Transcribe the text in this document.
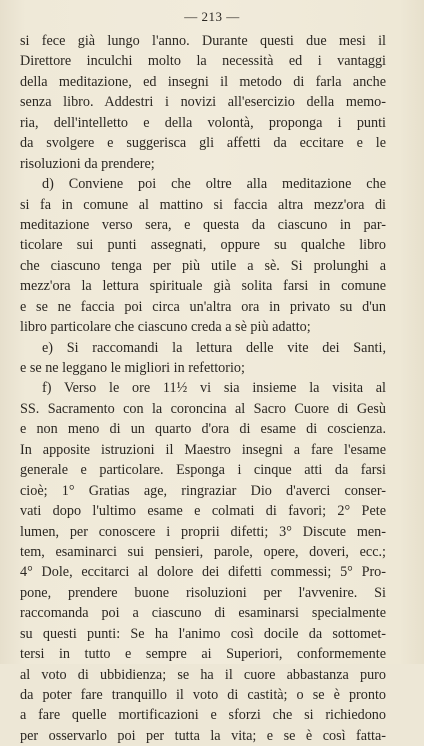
— 213 —
si fece già lungo l'anno. Durante questi due mesi il
Direttore inculchi molto la necessità ed i vantaggi
della meditazione, ed insegni il metodo di farla anche
senza libro. Addestri i novizi all'esercizio della memo-
ria, dell'intelletto e della volontà, proponga i punti
da svolgere e suggerisca gli affetti da eccitare e le
risoluzioni da prendere;
d) Conviene poi che oltre alla meditazione che
si fa in comune al mattino si faccia altra mezz'ora di
meditazione verso sera, e questa da ciascuno in par-
ticolare sui punti assegnati, oppure su qualche libro
che ciascuno tenga per più utile a sè. Si prolunghi a
mezz'ora la lettura spirituale già solita farsi in comune
e se ne faccia poi circa un'altra ora in privato su d'un
libro particolare che ciascuno creda a sè più adatto;
e) Si raccomandi la lettura delle vite dei Santi,
e se ne leggano le migliori in refettorio;
f) Verso le ore 11½ vi sia insieme la visita al
SS. Sacramento con la coroncina al Sacro Cuore di Gesù
e non meno di un quarto d'ora di esame di coscienza.
In apposite istruzioni il Maestro insegni a fare l'esame
generale e particolare. Esponga i cinque atti da farsi
cioè; 1° Gratias age, ringraziar Dio d'averci conser-
vati dopo l'ultimo esame e colmati di favori; 2° Pete
lumen, per conoscere i proprii difetti; 3° Discute men-
tem, esaminarci sui pensieri, parole, opere, doveri, ecc.;
4° Dole, eccitarci al dolore dei difetti commessi; 5° Pro-
pone, prendere buone risoluzioni per l'avvenire. Si
raccomanda poi a ciascuno di esaminarsi specialmente
su questi punti: Se ha l'animo così docile da sottomet-
tersi in tutto e sempre ai Superiori, conformemente
al voto di ubbidienza; se ha il cuore abbastanza puro
da poter fare tranquillo il voto di castità; o se è pronto
a fare quelle mortificazioni e sforzi che si richiedono
per osservarlo poi per tutta la vita; e se è così fatta-
